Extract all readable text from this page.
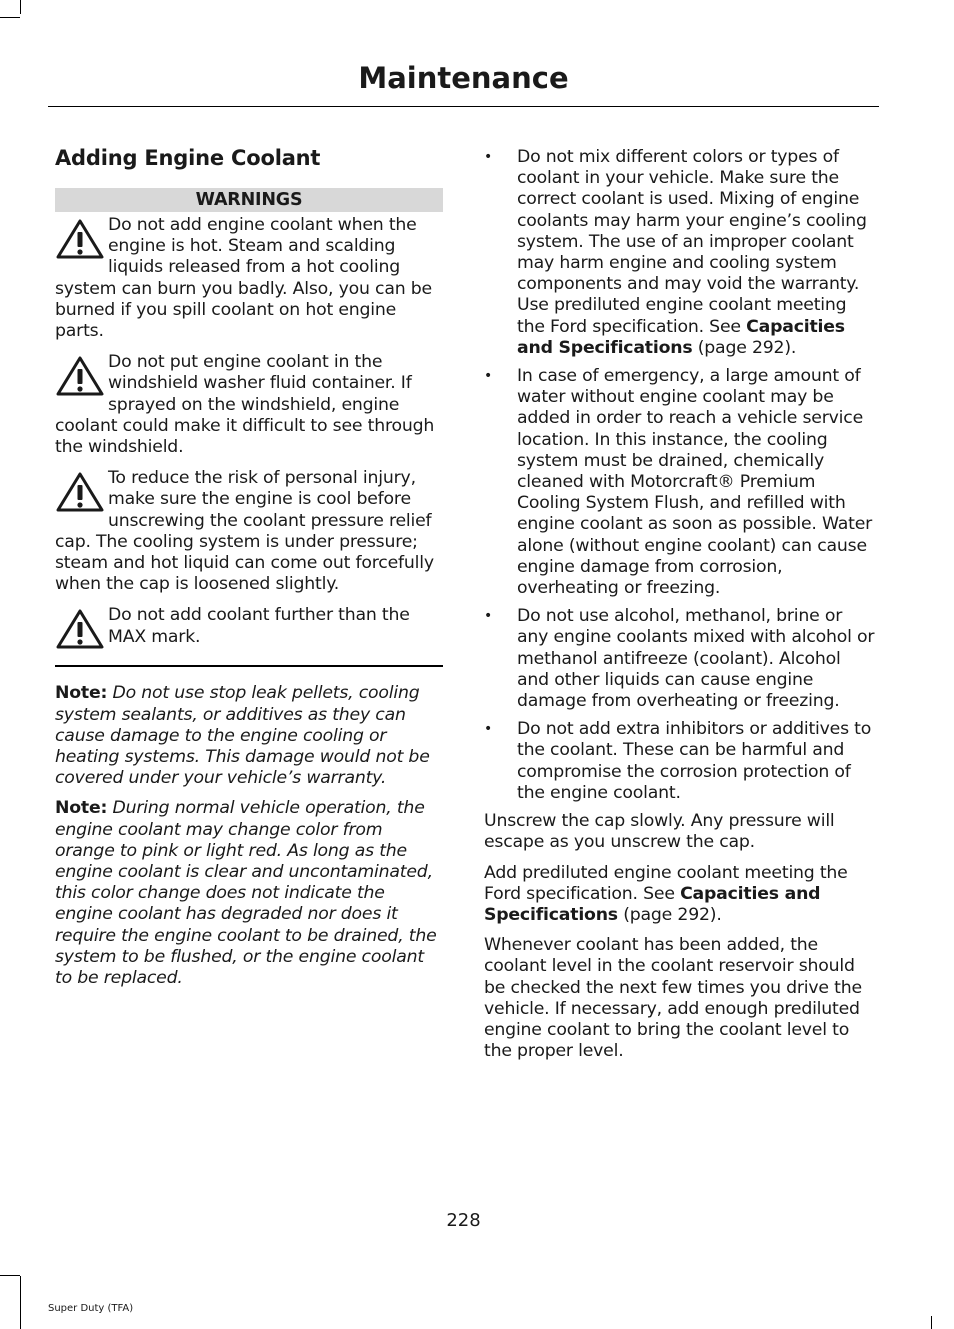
Maintenance
Adding Engine Coolant
WARNINGS
Do not add engine coolant when the engine is hot. Steam and scalding liquids released from a hot cooling system can burn you badly. Also, you can be burned if you spill coolant on hot engine parts.
Do not put engine coolant in the windshield washer fluid container. If sprayed on the windshield, engine coolant could make it difficult to see through the windshield.
To reduce the risk of personal injury, make sure the engine is cool before unscrewing the coolant pressure relief cap. The cooling system is under pressure; steam and hot liquid can come out forcefully when the cap is loosened slightly.
Do not add coolant further than the MAX mark.

Note: Do not use stop leak pellets, cooling system sealants, or additives as they can cause damage to the engine cooling or heating systems. This damage would not be covered under your vehicle’s warranty.

Note: During normal vehicle operation, the engine coolant may change color from orange to pink or light red. As long as the engine coolant is clear and uncontaminated, this color change does not indicate the engine coolant has degraded nor does it require the engine coolant to be drained, the system to be flushed, or the engine coolant to be replaced.

• Do not mix different colors or types of coolant in your vehicle. Make sure the correct coolant is used. Mixing of engine coolants may harm your engine’s cooling system. The use of an improper coolant may harm engine and cooling system components and may void the warranty. Use prediluted engine coolant meeting the Ford specification. See Capacities and Specifications (page 292).
• In case of emergency, a large amount of water without engine coolant may be added in order to reach a vehicle service location. In this instance, the cooling system must be drained, chemically cleaned with Motorcraft® Premium Cooling System Flush, and refilled with engine coolant as soon as possible. Water alone (without engine coolant) can cause engine damage from corrosion, overheating or freezing.
• Do not use alcohol, methanol, brine or any engine coolants mixed with alcohol or methanol antifreeze (coolant). Alcohol and other liquids can cause engine damage from overheating or freezing.
• Do not add extra inhibitors or additives to the coolant. These can be harmful and compromise the corrosion protection of the engine coolant.

Unscrew the cap slowly. Any pressure will escape as you unscrew the cap.

Add prediluted engine coolant meeting the Ford specification. See Capacities and Specifications (page 292).

Whenever coolant has been added, the coolant level in the coolant reservoir should be checked the next few times you drive the vehicle. If necessary, add enough prediluted engine coolant to bring the coolant level to the proper level.

228
Super Duty (TFA)
